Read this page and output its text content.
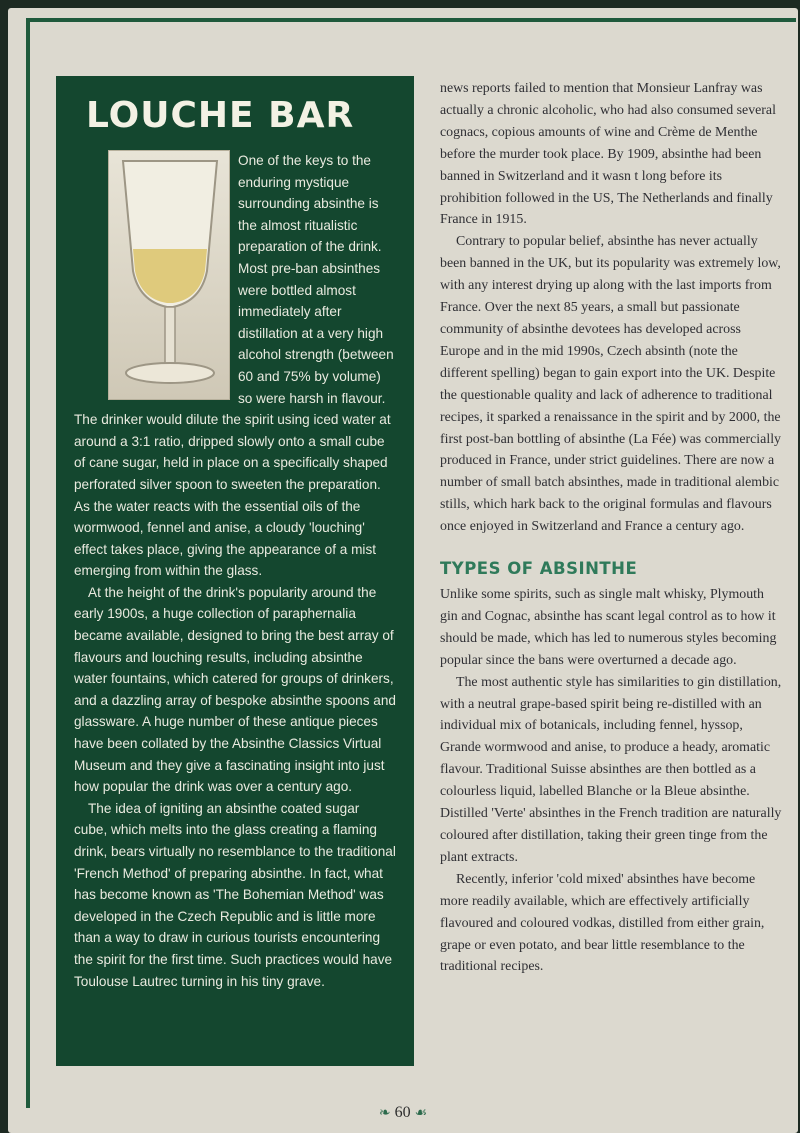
LOUCHE BAR

One of the keys to the enduring mystique surrounding absinthe is the almost ritualistic preparation of the drink. Most pre-ban absinthes were bottled almost immediately after distillation at a very high alcohol strength (between 60 and 75% by volume) so were harsh in flavour. The drinker would dilute the spirit using iced water at around a 3:1 ratio, dripped slowly onto a small cube of cane sugar, held in place on a specifically shaped perforated silver spoon to sweeten the preparation. As the water reacts with the essential oils of the wormwood, fennel and anise, a cloudy 'louching' effect takes place, giving the appearance of a mist emerging from within the glass.

At the height of the drink's popularity around the early 1900s, a huge collection of paraphernalia became available, designed to bring the best array of flavours and louching results, including absinthe water fountains, which catered for groups of drinkers, and a dazzling array of bespoke absinthe spoons and glassware. A huge number of these antique pieces have been collated by the Absinthe Classics Virtual Museum and they give a fascinating insight into just how popular the drink was over a century ago.

The idea of igniting an absinthe coated sugar cube, which melts into the glass creating a flaming drink, bears virtually no resemblance to the traditional 'French Method' of preparing absinthe. In fact, what has become known as 'The Bohemian Method' was developed in the Czech Republic and is little more than a way to draw in curious tourists encountering the spirit for the first time. Such practices would have Toulouse Lautrec turning in his tiny grave.

news reports failed to mention that Monsieur Lanfray was actually a chronic alcoholic, who had also consumed several cognacs, copious amounts of wine and Crème de Menthe before the murder took place. By 1909, absinthe had been banned in Switzerland and it wasn t long before its prohibition followed in the US, The Netherlands and finally France in 1915.

Contrary to popular belief, absinthe has never actually been banned in the UK, but its popularity was extremely low, with any interest drying up along with the last imports from France. Over the next 85 years, a small but passionate community of absinthe devotees has developed across Europe and in the mid 1990s, Czech absinth (note the different spelling) began to gain export into the UK. Despite the questionable quality and lack of adherence to traditional recipes, it sparked a renaissance in the spirit and by 2000, the first post-ban bottling of absinthe (La Fée) was commercially produced in France, under strict guidelines. There are now a number of small batch absinthes, made in traditional alembic stills, which hark back to the original formulas and flavours once enjoyed in Switzerland and France a century ago.

TYPES OF ABSINTHE

Unlike some spirits, such as single malt whisky, Plymouth gin and Cognac, absinthe has scant legal control as to how it should be made, which has led to numerous styles becoming popular since the bans were overturned a decade ago.

The most authentic style has similarities to gin distillation, with a neutral grape-based spirit being re-distilled with an individual mix of botanicals, including fennel, hyssop, Grande wormwood and anise, to produce a heady, aromatic flavour. Traditional Suisse absinthes are then bottled as a colourless liquid, labelled Blanche or la Bleue absinthe. Distilled 'Verte' absinthes in the French tradition are naturally coloured after distillation, taking their green tinge from the plant extracts.

Recently, inferior 'cold mixed' absinthes have become more readily available, which are effectively artificially flavoured and coloured vodkas, distilled from either grain, grape or even potato, and bear little resemblance to the traditional recipes.

❧ 60 ☙
